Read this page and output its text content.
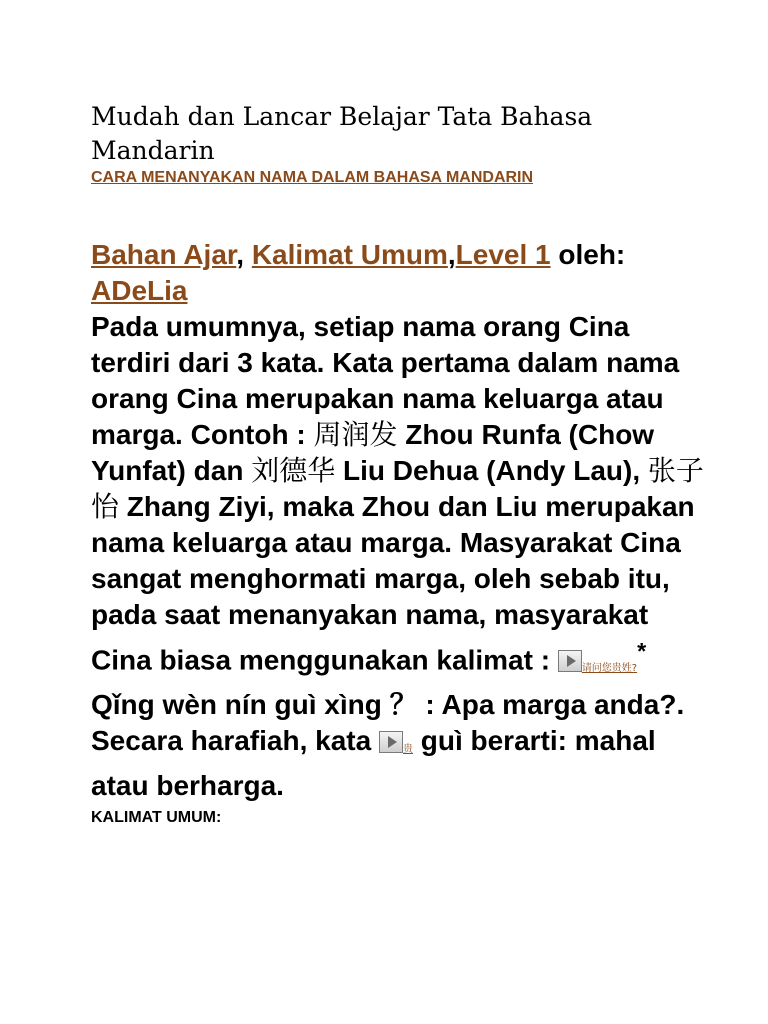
Mudah dan Lancar Belajar Tata Bahasa
Mandarin
CARA MENANYAKAN NAMA DALAM BAHASA MANDARIN
Bahan Ajar, Kalimat Umum,Level 1 oleh: ADeLia

Pada umumnya, setiap nama orang Cina terdiri dari 3 kata. Kata pertama dalam nama orang Cina merupakan nama keluarga atau marga. Contoh : 周润发 Zhou Runfa (Chow Yunfat) dan 刘德华 Liu Dehua (Andy Lau), 张子怡 Zhang Ziyi, maka Zhou dan Liu merupakan nama keluarga atau marga. Masyarakat Cina sangat menghormati marga, oleh sebab itu, pada saat menanyakan nama, masyarakat Cina biasa menggunakan kalimat : 请问您贵姓?* Qǐng wèn nín guì xìng ？ : Apa marga anda?. Secara harafiah, kata 贵 guì berarti: mahal atau berharga.

KALIMAT UMUM:
